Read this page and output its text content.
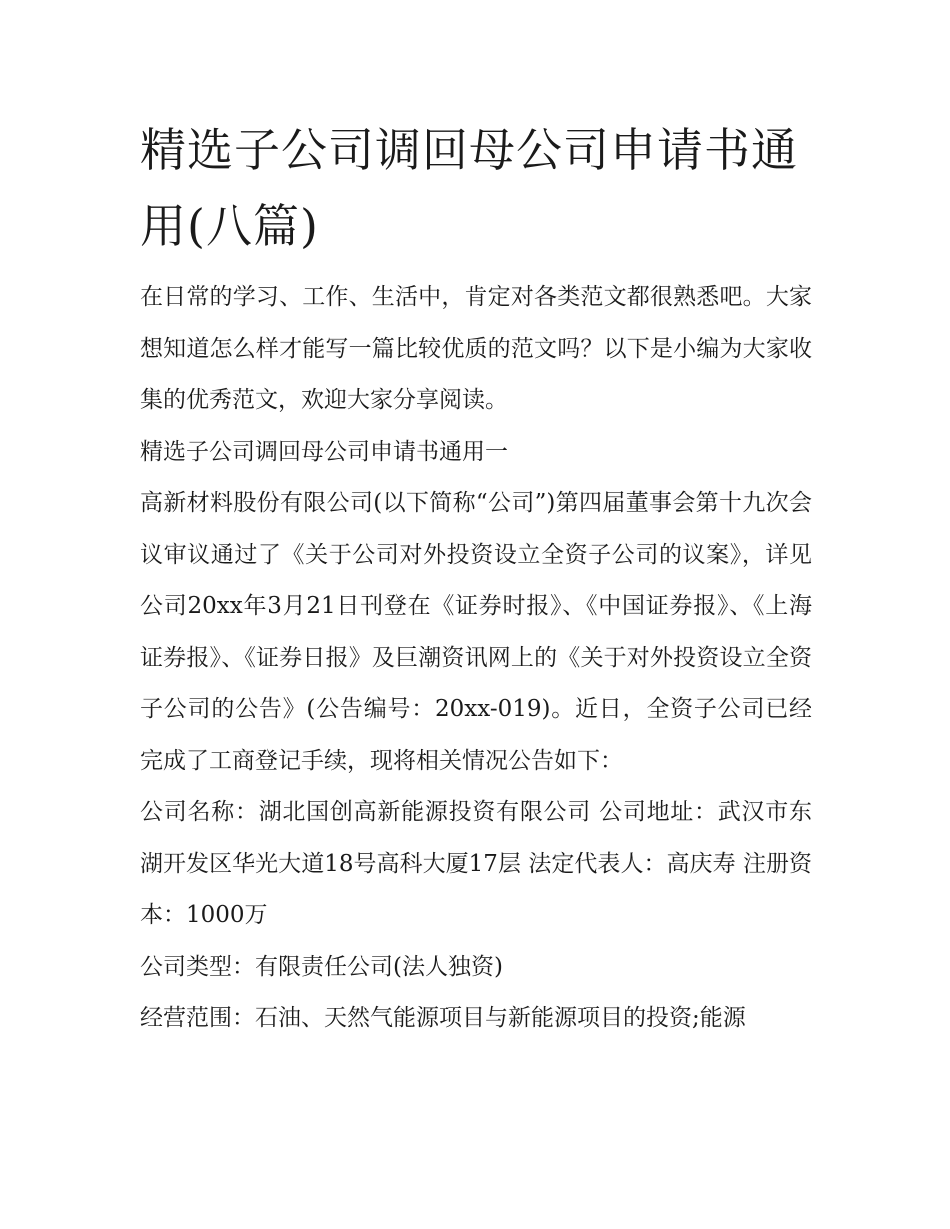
精选子公司调回母公司申请书通用(八篇)

在日常的学习、工作、生活中，肯定对各类范文都很熟悉吧。大家想知道怎么样才能写一篇比较优质的范文吗？以下是小编为大家收集的优秀范文，欢迎大家分享阅读。

精选子公司调回母公司申请书通用一

高新材料股份有限公司(以下简称“公司”)第四届董事会第十九次会议审议通过了《关于公司对外投资设立全资子公司的议案》，详见公司20xx年3月21日刊登在《证券时报》、《中国证券报》、《上海证券报》、《证券日报》及巨潮资讯网上的《关于对外投资设立全资子公司的公告》(公告编号：20xx-019)。近日，全资子公司已经完成了工商登记手续，现将相关情况公告如下：

公司名称：湖北国创高新能源投资有限公司 公司地址：武汉市东湖开发区华光大道18号高科大厦17层 法定代表人：高庆寿 注册资本：1000万

公司类型：有限责任公司(法人独资)

经营范围：石油、天然气能源项目与新能源项目的投资;能源
